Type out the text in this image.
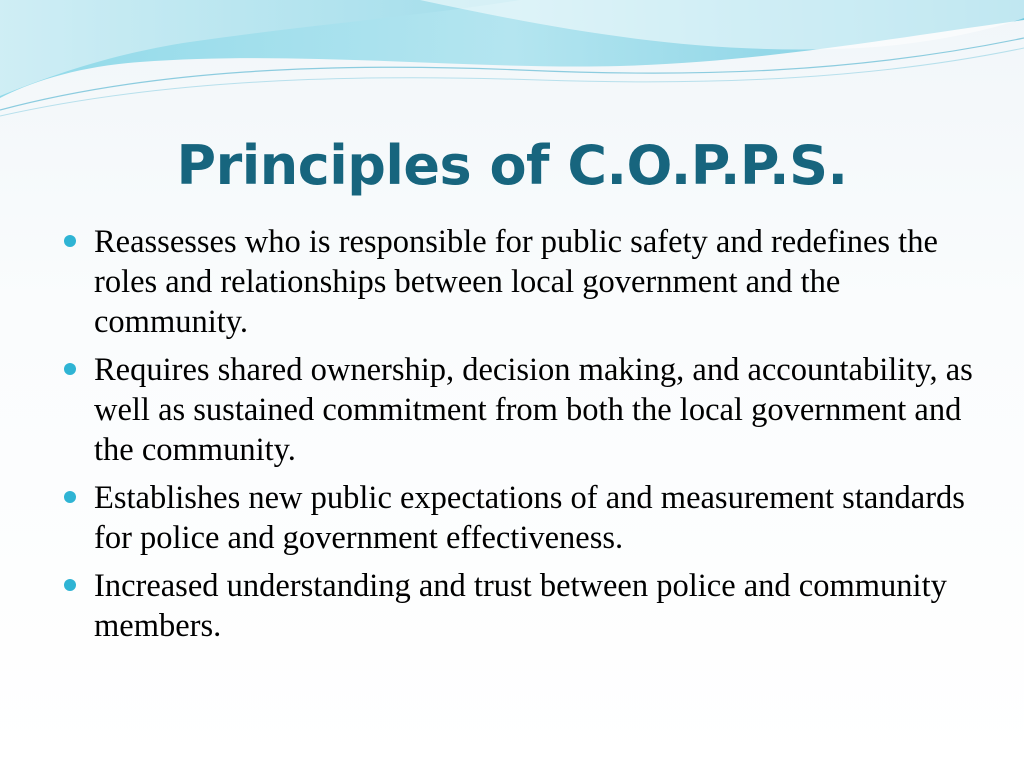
Principles of C.O.P.P.S.
Reassesses who is responsible for public safety and redefines the roles and relationships between local government and the community.
Requires shared ownership, decision making, and accountability, as well as sustained commitment from both the local government and the community.
Establishes new public expectations of and measurement standards for police and government effectiveness.
Increased understanding and trust between police and community members.
